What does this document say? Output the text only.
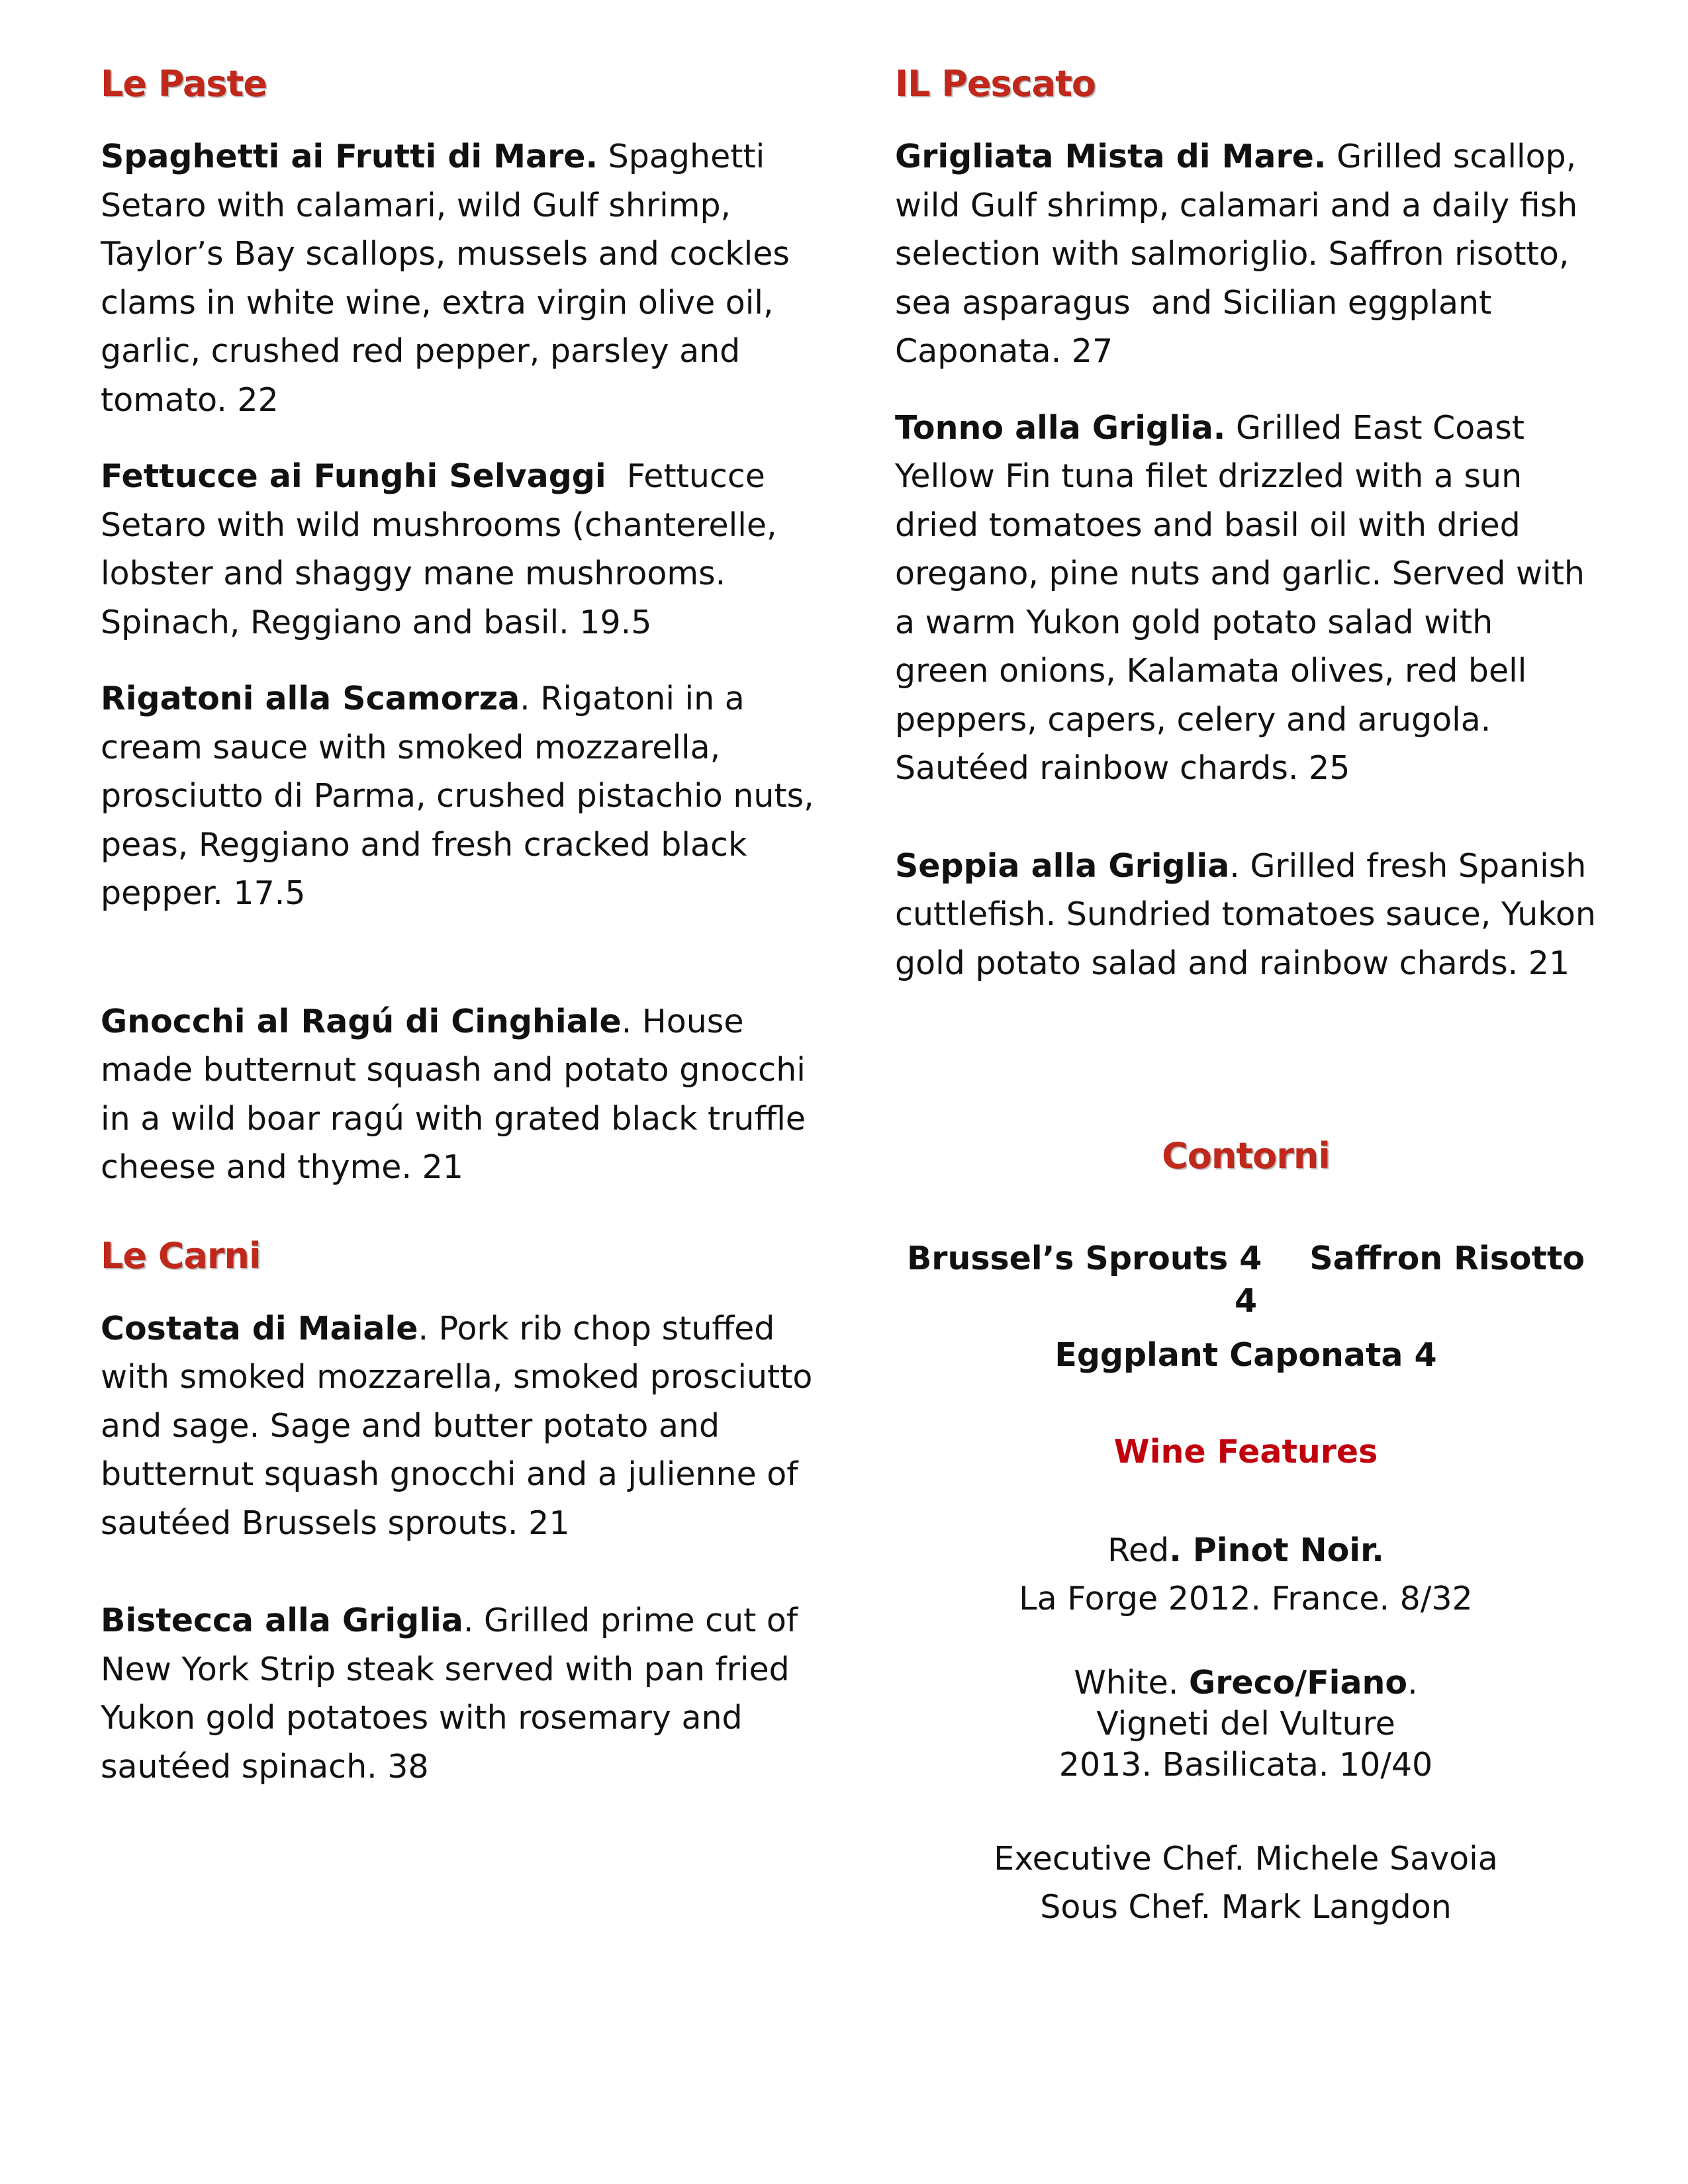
Le Paste

Spaghetti ai Frutti di Mare. Spaghetti Setaro with calamari, wild Gulf shrimp, Taylor’s Bay scallops, mussels and cockles clams in white wine, extra virgin olive oil, garlic, crushed red pepper, parsley and tomato. 22

Fettucce ai Funghi Selvaggi  Fettucce Setaro with wild mushrooms (chanterelle, lobster and shaggy mane mushrooms. Spinach, Reggiano and basil. 19.5

Rigatoni alla Scamorza. Rigatoni in a cream sauce with smoked mozzarella, prosciutto di Parma, crushed pistachio nuts, peas, Reggiano and fresh cracked black pepper. 17.5

Gnocchi al Ragú di Cinghiale. House made butternut squash and potato gnocchi in a wild boar ragú with grated black truffle cheese and thyme. 21

Le Carni

Costata di Maiale. Pork rib chop stuffed with smoked mozzarella, smoked prosciutto and sage. Sage and butter potato and butternut squash gnocchi and a julienne of sautéed Brussels sprouts. 21

Bistecca alla Griglia. Grilled prime cut of New York Strip steak served with pan fried Yukon gold potatoes with rosemary and sautéed spinach. 38

IL Pescato

Grigliata Mista di Mare. Grilled scallop, wild Gulf shrimp, calamari and a daily fish selection with salmoriglio. Saffron risotto, sea asparagus  and Sicilian eggplant Caponata. 27

Tonno alla Griglia. Grilled East Coast Yellow Fin tuna filet drizzled with a sun dried tomatoes and basil oil with dried oregano, pine nuts and garlic. Served with a warm Yukon gold potato salad with green onions, Kalamata olives, red bell peppers, capers, celery and arugola. Sautéed rainbow chards. 25

Seppia alla Griglia. Grilled fresh Spanish cuttlefish. Sundried tomatoes sauce, Yukon gold potato salad and rainbow chards. 21

Contorni
Brussel’s Sprouts 4 Saffron Risotto 4
Eggplant Caponata 4
Wine Features
Red. Pinot Noir.
La Forge 2012. France. 8/32
White. Greco/Fiano.
Vigneti del Vulture
2013. Basilicata. 10/40
Executive Chef. Michele Savoia
Sous Chef. Mark Langdon
